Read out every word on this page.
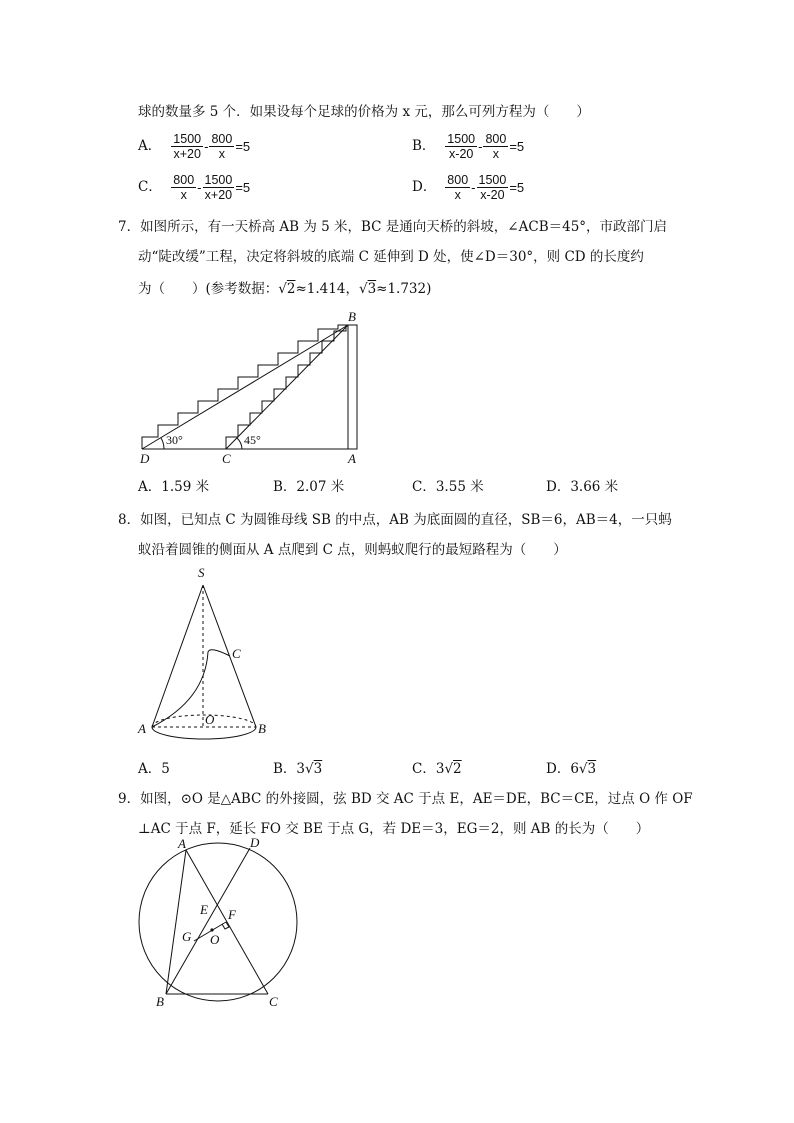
球的数量多 5 个．如果设每个足球的价格为 x 元，那么可列方程为（　　）
A． $\frac{1500}{x+20} - \frac{800}{x} =5$	B． $\frac{1500}{x-20} - \frac{800}{x} =5$
C． $\frac{800}{x} - \frac{1500}{x+20} =5$	D． $\frac{800}{x} - \frac{1500}{x-20} =5$
7．如图所示，有一天桥高 AB 为 5 米，BC 是通向天桥的斜坡，∠ACB＝45°，市政部门启
动“陡改缓”工程，决定将斜坡的底端 C 延伸到 D 处，使∠D＝30°，则 CD 的长度约
为（　　）(参考数据：√2≈1.414，√3≈1.732)
D	C	A
B
30°	45°
A．1.59 米	B．2.07 米	C．3.55 米	D．3.66 米
8．如图，已知点 C 为圆锥母线 SB 的中点，AB 为底面圆的直径，SB＝6，AB＝4，一只蚂
蚁沿着圆锥的侧面从 A 点爬到 C 点，则蚂蚁爬行的最短路程为（　　）
S
C
A
O
B
A．5	B．3√3	C．3√2	D．6√3
9．如图，⊙O 是△ABC 的外接圆，弦 BD 交 AC 于点 E，AE＝DE，BC＝CE，过点 O 作 OF
⊥AC 于点 F，延长 FO 交 BE 于点 G，若 DE＝3，EG＝2，则 AB 的长为（　　）
A	D
E F
G O
B	C
